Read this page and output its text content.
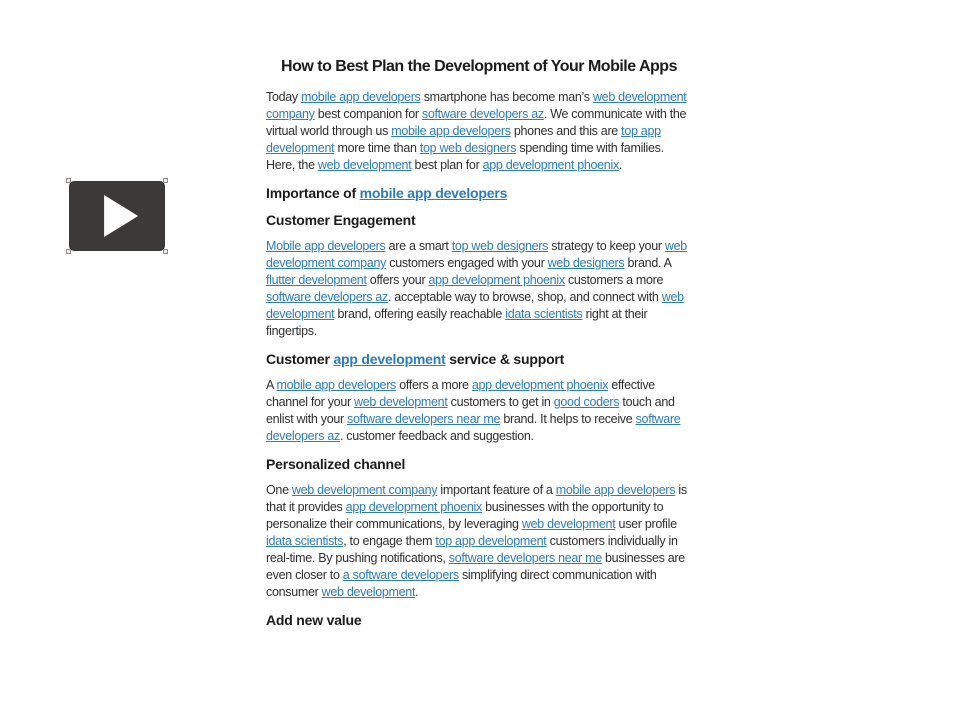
How to Best Plan the Development of Your Mobile Apps

Today mobile app developers smartphone has become man’s web development company best companion for software developers az. We communicate with the virtual world through us mobile app developers phones and this are top app development more time than top web designers spending time with families. Here, the web development best plan for app development phoenix.

Importance of mobile app developers
Customer Engagement

Mobile app developers are a smart top web designers strategy to keep your web development company customers engaged with your web designers brand. A flutter development offers your app development phoenix customers a more software developers az. acceptable way to browse, shop, and connect with web development brand, offering easily reachable idata scientists right at their fingertips.

Customer app development service & support

A mobile app developers offers a more app development phoenix effective channel for your web development customers to get in good coders touch and enlist with your software developers near me brand. It helps to receive software developers az. customer feedback and suggestion.

Personalized channel

One web development company important feature of a mobile app developers is that it provides app development phoenix businesses with the opportunity to personalize their communications, by leveraging web development user profile idata scientists, to engage them top app development customers individually in real-time. By pushing notifications, software developers near me businesses are even closer to a software developers simplifying direct communication with consumer web development.

Add new value
